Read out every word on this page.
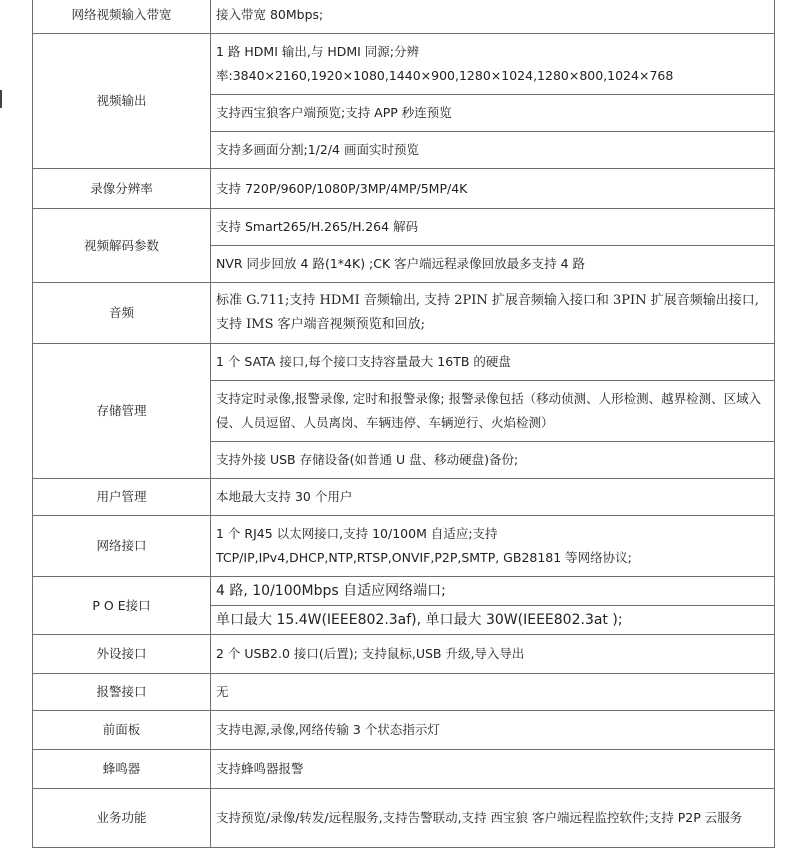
网络视频输入带宽	接入带宽 80Mbps;
视频输出	1 路 HDMI 输出,与 HDMI 同源;分辨率:3840×2160,1920×1080,1440×900,1280×1024,1280×800,1024×768
	支持西宝狼客户端预览;支持 APP 秒连预览
	支持多画面分割;1/2/4 画面实时预览
录像分辨率	支持 720P/960P/1080P/3MP/4MP/5MP/4K
视频解码参数	支持 Smart265/H.265/H.264 解码
	NVR 同步回放 4 路(1*4K) ;CK 客户端远程录像回放最多支持 4 路
音频	标准 G.711;支持 HDMI 音频输出, 支持 2PIN 扩展音频输入接口和 3PIN 扩展音频输出接口, 支持 IMS 客户端音视频预览和回放;
存储管理	1 个 SATA 接口,每个接口支持容量最大 16TB 的硬盘
	支持定时录像,报警录像, 定时和报警录像; 报警录像包括（移动侦测、人形检测、越界检测、区域入侵、人员逗留、人员离岗、车辆违停、车辆逆行、火焰检测）
	支持外接 USB 存储设备(如普通 U 盘、移动硬盘)备份;
用户管理	本地最大支持 30 个用户
网络接口	1 个 RJ45 以太网接口,支持 10/100M 自适应;支持 TCP/IP,IPv4,DHCP,NTP,RTSP,ONVIF,P2P,SMTP, GB28181 等网络协议;
P O E接口	4 路, 10/100Mbps 自适应网络端口;
	单口最大 15.4W(IEEE802.3af), 单口最大 30W(IEEE802.3at );
外设接口	2 个 USB2.0 接口(后置); 支持鼠标,USB 升级,导入导出
报警接口	无
前面板	支持电源,录像,网络传输 3 个状态指示灯
蜂鸣器	支持蜂鸣器报警
业务功能	支持预览/录像/转发/远程服务,支持告警联动,支持 西宝狼 客户端远程监控软件;支持 P2P 云服务
